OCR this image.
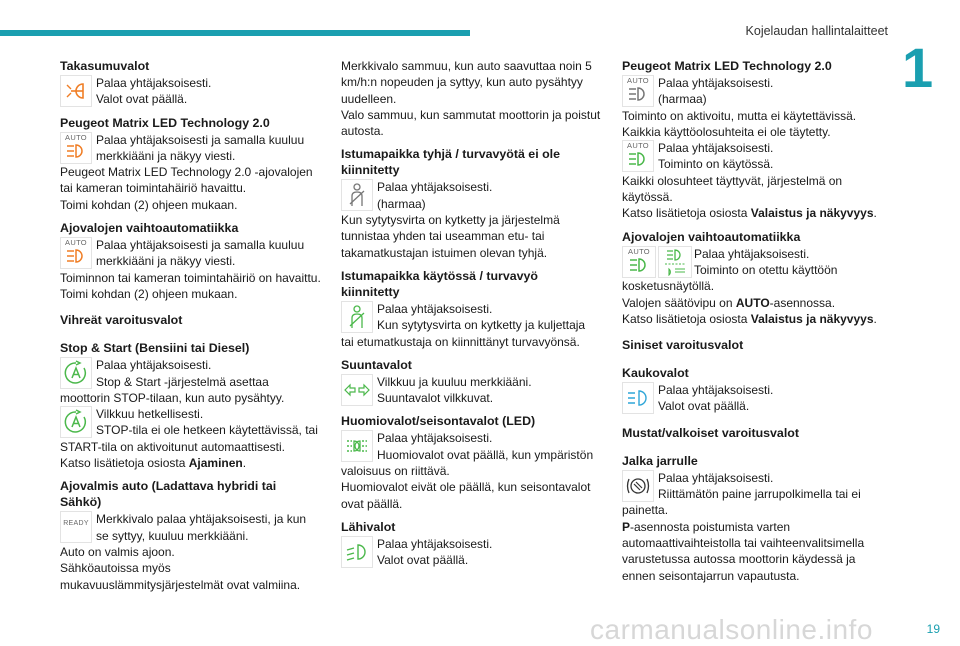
Kojelaudan hallintalaitteet
1
Takasumuvalot

Palaa yhtäjaksoisesti.

Valot ovat päällä.

Peugeot Matrix LED Technology 2.0
AUTO Palaa yhtäjaksoisesti ja samalla kuuluu

merkkiääni ja näkyy viesti.

Peugeot Matrix LED Technology 2.0 -ajovalojen

tai kameran toimintahäiriö havaittu.

Toimi kohdan (2) ohjeen mukaan.

Ajovalojen vaihtoautomatiikka
AUTO Palaa yhtäjaksoisesti ja samalla kuuluu

merkkiääni ja näkyy viesti.

Toiminnon tai kameran toimintahäiriö on havaittu.

Toimi kohdan (2) ohjeen mukaan.

Vihreät varoitusvalot
Stop & Start (Bensiini tai Diesel)

Palaa yhtäjaksoisesti.

Stop & Start -järjestelmä asettaa

moottorin STOP-tilaan, kun auto pysähtyy.

Vilkkuu hetkellisesti.

STOP-tila ei ole hetkeen käytettävissä, tai

START-tila on aktivoitunut automaattisesti.

Katso lisätietoja osiosta Ajaminen.

Ajovalmis auto (Ladattava hybridi tai
Sähkö)
READY Merkkivalo palaa yhtäjaksoisesti, ja kun

se syttyy, kuuluu merkkiääni.

Auto on valmis ajoon.

Sähköautoissa myös

mukavuuslämmitysjärjestelmät ovat valmiina.

Merkkivalo sammuu, kun auto saavuttaa noin 5

km/h:n nopeuden ja syttyy, kun auto pysähtyy

uudelleen.

Valo sammuu, kun sammutat moottorin ja poistut

autosta.

Istumapaikka tyhjä / turvavyötä ei ole
kiinnitetty

Palaa yhtäjaksoisesti.

(harmaa)

Kun sytytysvirta on kytketty ja järjestelmä

tunnistaa yhden tai useamman etu- tai

takamatkustajan istuimen olevan tyhjä.

Istumapaikka käytössä / turvavyö
kiinnitetty

Palaa yhtäjaksoisesti.

Kun sytytysvirta on kytketty ja kuljettaja

tai etumatkustaja on kiinnittänyt turvavyönsä.

Suuntavalot

Vilkkuu ja kuuluu merkkiääni.

Suuntavalot vilkkuvat.

Huomiovalot/seisontavalot (LED)

Palaa yhtäjaksoisesti.

Huomiovalot ovat päällä, kun ympäristön

valoisuus on riittävä.

Huomiovalot eivät ole päällä, kun seisontavalot

ovat päällä.

Lähivalot

Palaa yhtäjaksoisesti.

Valot ovat päällä.

Peugeot Matrix LED Technology 2.0
AUTO Palaa yhtäjaksoisesti.

(harmaa)

Toiminto on aktivoitu, mutta ei käytettävissä.

Kaikkia käyttöolosuhteita ei ole täytetty.

AUTO Palaa yhtäjaksoisesti.

Toiminto on käytössä.

Kaikki olosuhteet täyttyvät, järjestelmä on

käytössä.

Katso lisätietoja osiosta Valaistus ja näkyvyys.

Ajovalojen vaihtoautomatiikka
AUTO	Palaa yhtäjaksoisesti.

Toiminto on otettu käyttöön

kosketusnäytöllä.

Valojen säätövipu on AUTO-asennossa.

Katso lisätietoja osiosta Valaistus ja näkyvyys.

Siniset varoitusvalot
Kaukovalot

Palaa yhtäjaksoisesti.

Valot ovat päällä.

Mustat/valkoiset varoitusvalot
Jalka jarrulle

Palaa yhtäjaksoisesti.

Riittämätön paine jarrupolkimella tai ei

painetta.

P-asennosta poistumista varten

automaattivaihteistolla tai vaihteenvalitsimella

varustetussa autossa moottorin käydessä ja

ennen seisontajarrun vapautusta.

carmanualsonline.info	19
